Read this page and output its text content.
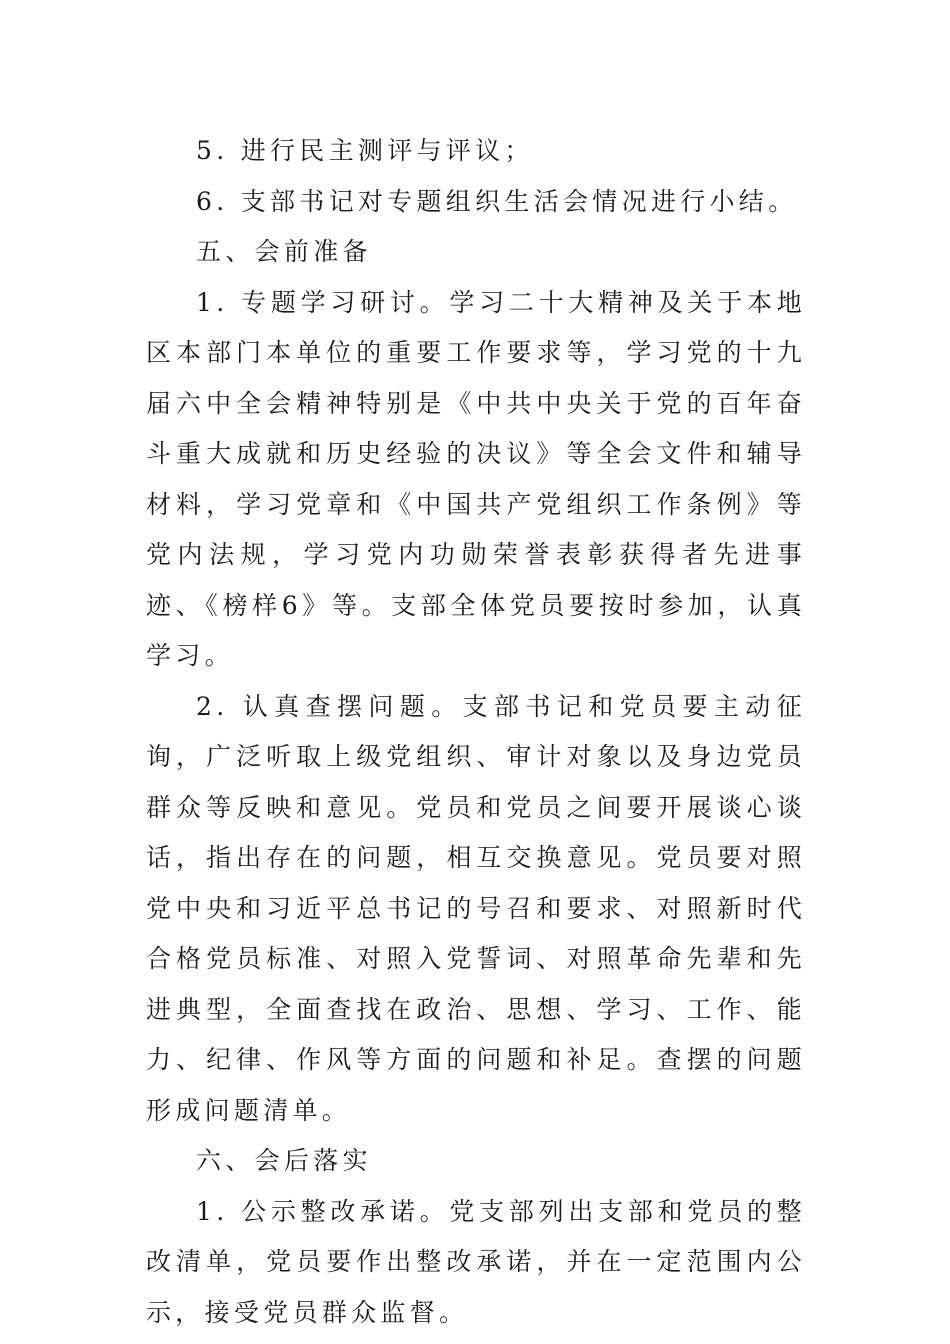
5. 进行民主测评与评议；

6. 支部书记对专题组织生活会情况进行小结。

五、会前准备

1. 专题学习研讨。学习二十大精神及关于本地区本部门本单位的重要工作要求等，学习党的十九届六中全会精神特别是《中共中央关于党的百年奋斗重大成就和历史经验的决议》等全会文件和辅导材料，学习党章和《中国共产党组织工作条例》等党内法规，学习党内功勋荣誉表彰获得者先进事迹、《榜样6》等。支部全体党员要按时参加，认真学习。

2. 认真查摆问题。支部书记和党员要主动征询，广泛听取上级党组织、审计对象以及身边党员群众等反映和意见。党员和党员之间要开展谈心谈话，指出存在的问题，相互交换意见。党员要对照党中央和习近平总书记的号召和要求、对照新时代合格党员标准、对照入党誓词、对照革命先辈和先进典型，全面查找在政治、思想、学习、工作、能力、纪律、作风等方面的问题和补足。查摆的问题形成问题清单。

六、会后落实

1. 公示整改承诺。党支部列出支部和党员的整改清单，党员要作出整改承诺，并在一定范围内公示，接受党员群众监督。
